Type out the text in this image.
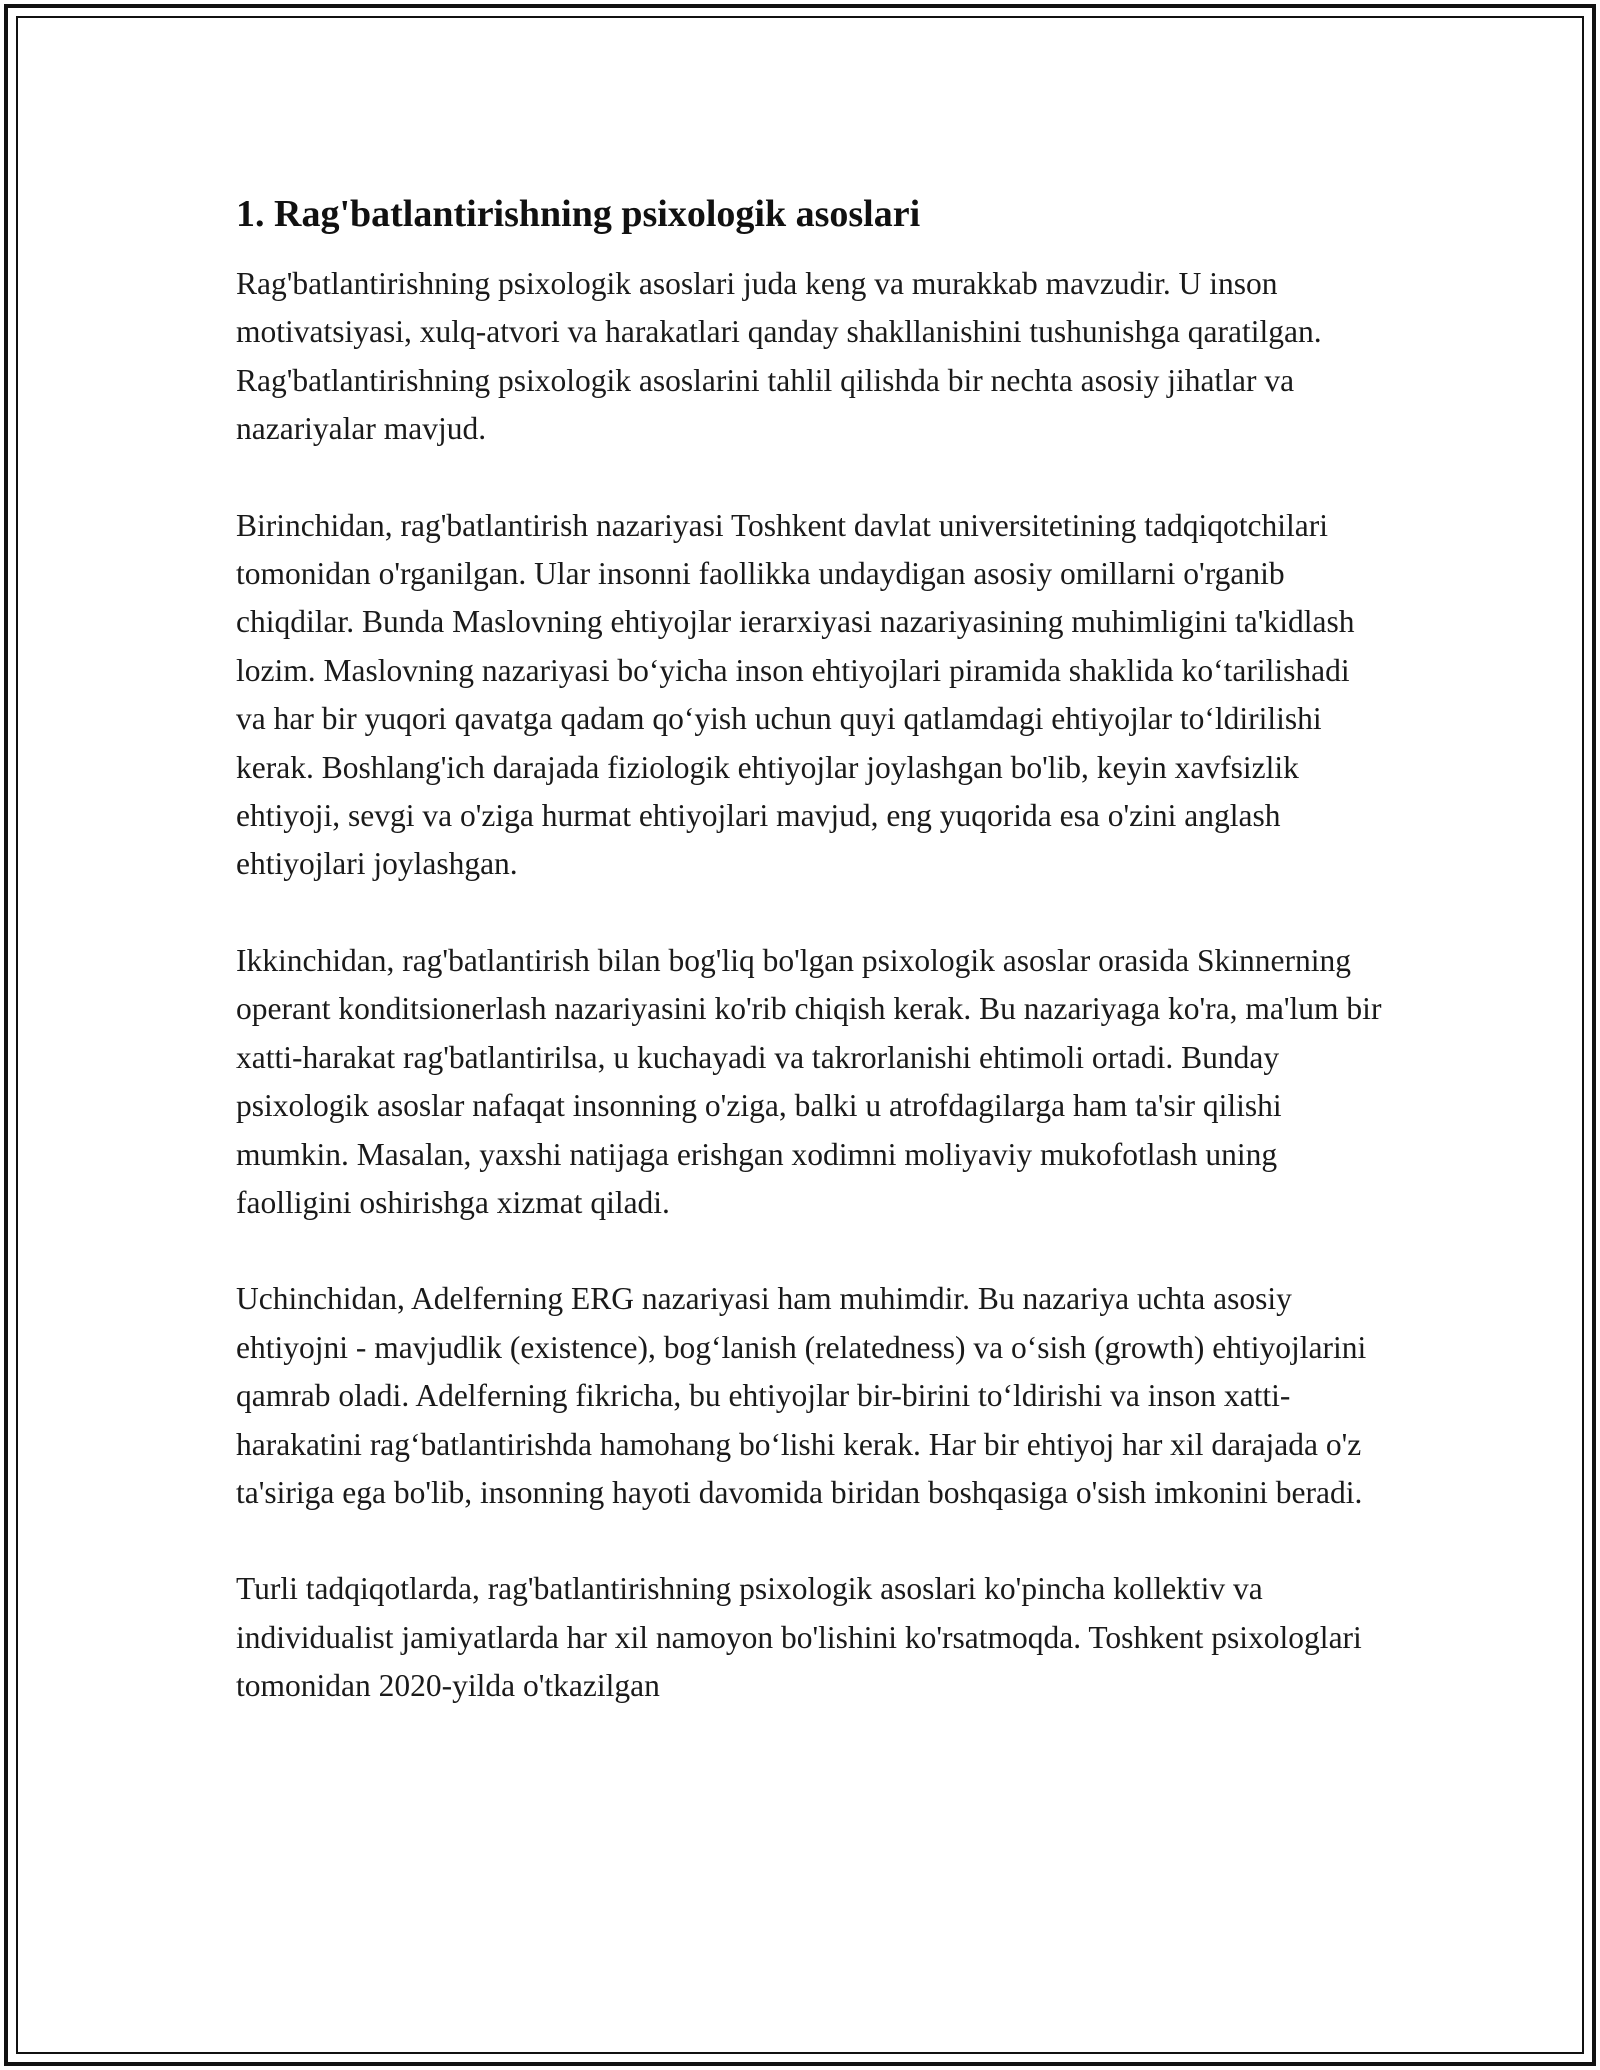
1. Rag'batlantirishning psixologik asoslari

Rag'batlantirishning psixologik asoslari juda keng va murakkab mavzudir. U inson motivatsiyasi, xulq-atvori va harakatlari qanday shakllanishini tushunishga qaratilgan. Rag'batlantirishning psixologik asoslarini tahlil qilishda bir nechta asosiy jihatlar va nazariyalar mavjud.

Birinchidan, rag'batlantirish nazariyasi Toshkent davlat universitetining tadqiqotchilari tomonidan o'rganilgan. Ular insonni faollikka undaydigan asosiy omillarni o'rganib chiqdilar. Bunda Maslovning ehtiyojlar ierarxiyasi nazariyasining muhimligini ta'kidlash lozim. Maslovning nazariyasi bo‘yicha inson ehtiyojlari piramida shaklida ko‘tarilishadi va har bir yuqori qavatga qadam qo‘yish uchun quyi qatlamdagi ehtiyojlar to‘ldirilishi kerak. Boshlang'ich darajada fiziologik ehtiyojlar joylashgan bo'lib, keyin xavfsizlik ehtiyoji, sevgi va o'ziga hurmat ehtiyojlari mavjud, eng yuqorida esa o'zini anglash ehtiyojlari joylashgan.

Ikkinchidan, rag'batlantirish bilan bog'liq bo'lgan psixologik asoslar orasida Skinnerning operant konditsionerlash nazariyasini ko'rib chiqish kerak. Bu nazariyaga ko'ra, ma'lum bir xatti-harakat rag'batlantirilsa, u kuchayadi va takrorlanishi ehtimoli ortadi. Bunday psixologik asoslar nafaqat insonning o'ziga, balki u atrofdagilarga ham ta'sir qilishi mumkin. Masalan, yaxshi natijaga erishgan xodimni moliyaviy mukofotlash uning faolligini oshirishga xizmat qiladi.

Uchinchidan, Adelferning ERG nazariyasi ham muhimdir. Bu nazariya uchta asosiy ehtiyojni - mavjudlik (existence), bog‘lanish (relatedness) va o‘sish (growth) ehtiyojlarini qamrab oladi. Adelferning fikricha, bu ehtiyojlar bir-birini to‘ldirishi va inson xatti-harakatini rag‘batlantirishda hamohang bo‘lishi kerak. Har bir ehtiyoj har xil darajada o'z ta'siriga ega bo'lib, insonning hayoti davomida biridan boshqasiga o'sish imkonini beradi.

Turli tadqiqotlarda, rag'batlantirishning psixologik asoslari ko'pincha kollektiv va individualist jamiyatlarda har xil namoyon bo'lishini ko'rsatmoqda. Toshkent psixologlari tomonidan 2020-yilda o'tkazilgan
